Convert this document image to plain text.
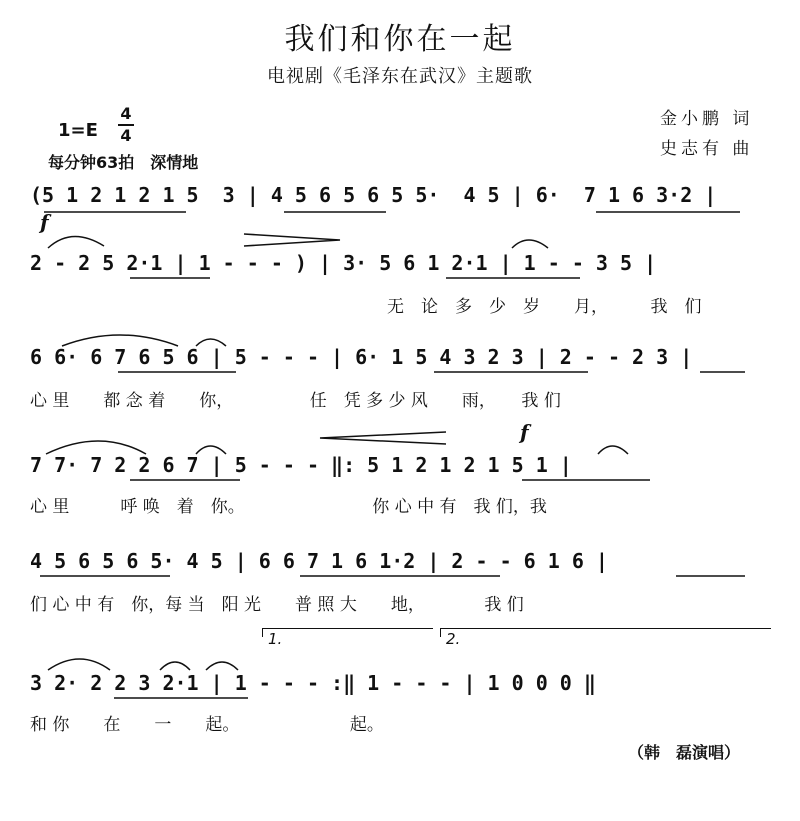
我们和你在一起
电视剧《毛泽东在武汉》主题歌
1=E
4
4
每分钟63拍　深情地
金小鹏 词
史志有 曲
(5 1 2 1 2 1 5  3 | 4 5 6 5 6 5 5·  4 5 | 6·  7 1 6 3·2 |
f
2 - 2 5 2·1 | 1 - - - ) | 3· 5 6 1 2·1 | 1 - - 3 5 |
　　　　　　　　　　　　　　　　　　　　　无　论　多　少　岁　　月，　　　我　们
6 6· 6 7 6 5 6 | 5 - - - | 6· 1 5 4 3 2 3 | 2 - - 2 3 |
心 里　　都 念 着　　你，　　　　　任　凭 多 少 风　　雨，　　我 们
f
7 7· 7 2 2 6 7 | 5 - - - ‖: 5 1 2 1 2 1 5 1 |
心 里　　　呼 唤　着　你。　　　　　　　　你 心 中 有　我 们，我
4 5 6 5 6 5· 4 5 | 6 6 7 1 6 1·2 | 2 - - 6 1 6 |
们 心 中 有　你，每 当　阳 光　　普 照 大　　地，　　　　我 们
1.	2.
3 2· 2 2 3 2·1 | 1 - - - :‖ 1 - - - | 1 0 0 0 ‖
和 你　　在　　一　　起。　　　　　　　起。
（韩　磊演唱）
